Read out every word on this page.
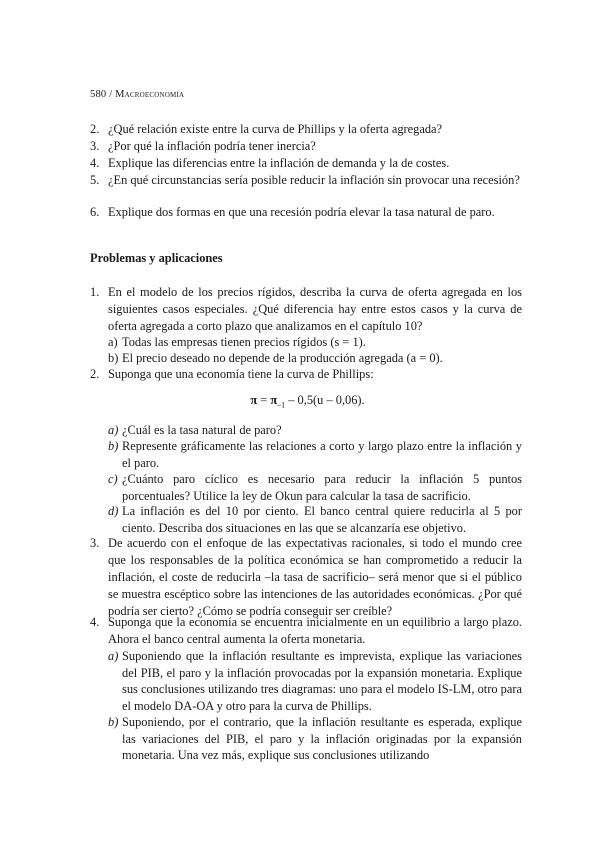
580 / Macroeconomía
2. ¿Qué relación existe entre la curva de Phillips y la oferta agregada?
3. ¿Por qué la inflación podría tener inercia?
4. Explique las diferencias entre la inflación de demanda y la de costes.
5. ¿En qué circunstancias sería posible reducir la inflación sin provocar una recesión?
6. Explique dos formas en que una recesión podría elevar la tasa natural de paro.
Problemas y aplicaciones
1. En el modelo de los precios rígidos, describa la curva de oferta agregada en los siguientes casos especiales. ¿Qué diferencia hay entre estos casos y la curva de oferta agregada a corto plazo que analizamos en el capítulo 10?
a) Todas las empresas tienen precios rígidos (s = 1).
b) El precio deseado no depende de la producción agregada (a = 0).
2. Suponga que una economía tiene la curva de Phillips:
$\pi = \pi_{-1} - 0,5(u - 0,06)$.
a) ¿Cuál es la tasa natural de paro?
b) Represente gráficamente las relaciones a corto y largo plazo entre la inflación y el paro.
c) ¿Cuánto paro cíclico es necesario para reducir la inflación 5 puntos porcentuales? Utilice la ley de Okun para calcular la tasa de sacrificio.
d) La inflación es del 10 por ciento. El banco central quiere reducirla al 5 por ciento. Describa dos situaciones en las que se alcanzaría ese objetivo.
3. De acuerdo con el enfoque de las expectativas racionales, si todo el mundo cree que los responsables de la política económica se han comprometido a reducir la inflación, el coste de reducirla –la tasa de sacrificio– será menor que si el público se muestra escéptico sobre las intenciones de las autoridades económicas. ¿Por qué podría ser cierto? ¿Cómo se podría conseguir ser creíble?
4. Suponga que la economía se encuentra inicialmente en un equilibrio a largo plazo. Ahora el banco central aumenta la oferta monetaria.
a) Suponiendo que la inflación resultante es imprevista, explique las variaciones del PIB, el paro y la inflación provocadas por la expansión monetaria. Explique sus conclusiones utilizando tres diagramas: uno para el modelo IS-LM, otro para el modelo DA-OA y otro para la curva de Phillips.
b) Suponiendo, por el contrario, que la inflación resultante es esperada, explique las variaciones del PIB, el paro y la inflación originadas por la expansión monetaria. Una vez más, explique sus conclusiones utilizando
